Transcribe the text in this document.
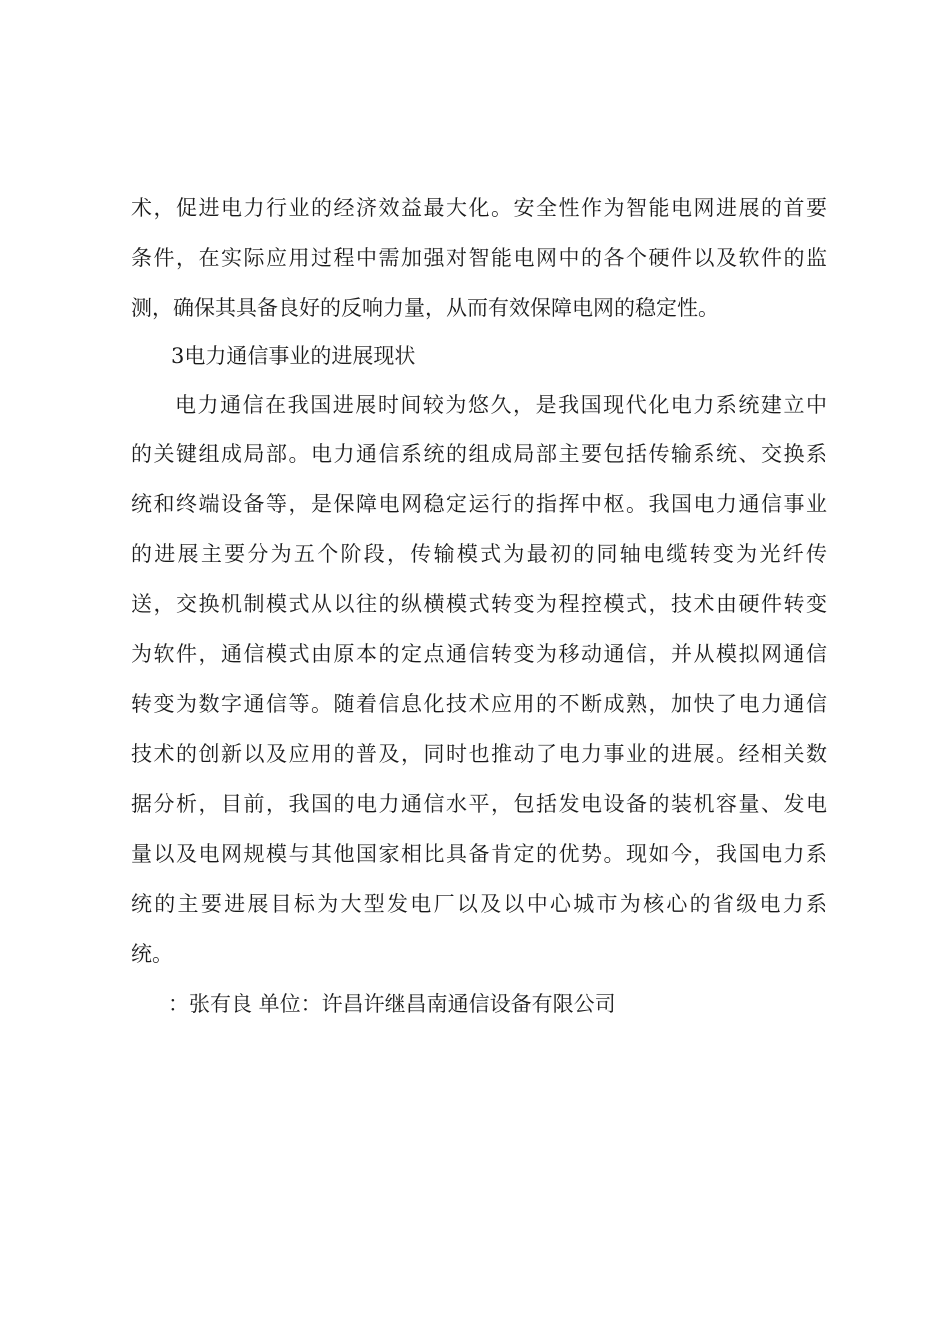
术，促进电力行业的经济效益最大化。安全性作为智能电网进展的首要
条件，在实际应用过程中需加强对智能电网中的各个硬件以及软件的监
测，确保其具备良好的反响力量，从而有效保障电网的稳定性。
3电力通信事业的进展现状
电力通信在我国进展时间较为悠久，是我国现代化电力系统建立中
的关键组成局部。电力通信系统的组成局部主要包括传输系统、交换系
统和终端设备等，是保障电网稳定运行的指挥中枢。我国电力通信事业
的进展主要分为五个阶段，传输模式为最初的同轴电缆转变为光纤传
送，交换机制模式从以往的纵横模式转变为程控模式，技术由硬件转变
为软件，通信模式由原本的定点通信转变为移动通信，并从模拟网通信
转变为数字通信等。随着信息化技术应用的不断成熟，加快了电力通信
技术的创新以及应用的普及，同时也推动了电力事业的进展。经相关数
据分析，目前，我国的电力通信水平，包括发电设备的装机容量、发电
量以及电网规模与其他国家相比具备肯定的优势。现如今，我国电力系
统的主要进展目标为大型发电厂以及以中心城市为核心的省级电力系
统。
：张有良 单位：许昌许继昌南通信设备有限公司
